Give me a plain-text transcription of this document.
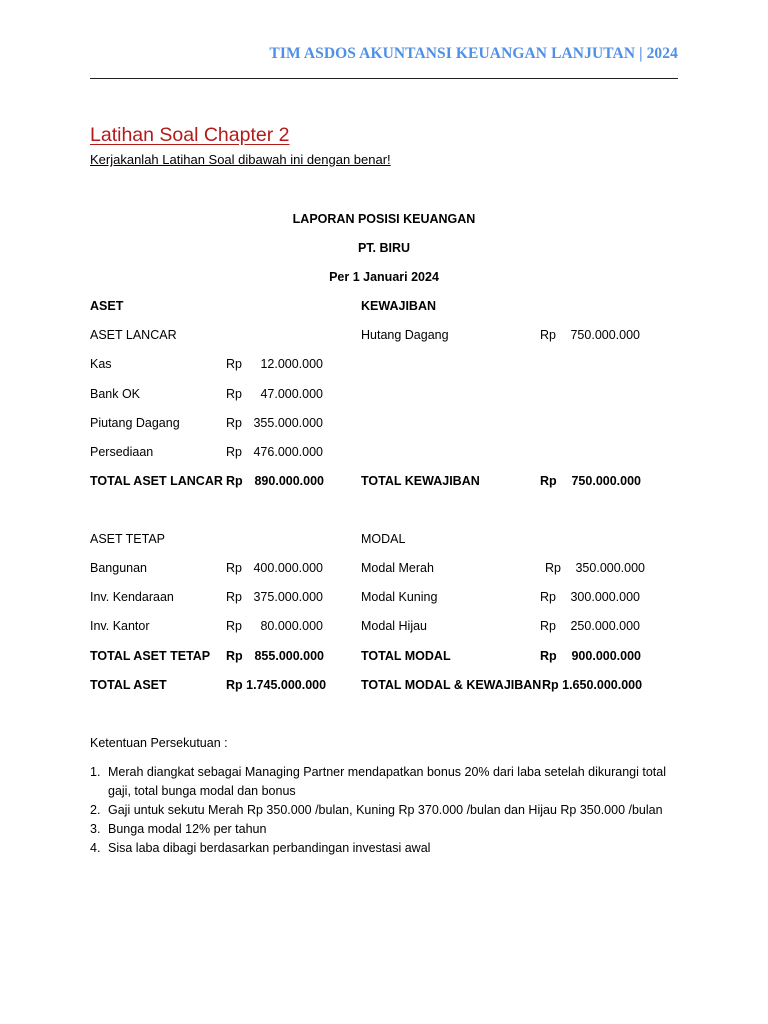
TIM ASDOS AKUNTANSI KEUANGAN LANJUTAN | 2024
Latihan Soal Chapter 2
Kerjakanlah Latihan Soal dibawah ini dengan benar!
LAPORAN POSISI KEUANGAN
PT. BIRU
Per 1 Januari 2024
ASET
ASET LANCAR
Kas	Rp	12.000.000
Bank OK	Rp	47.000.000
Piutang Dagang	Rp 355.000.000
Persediaan	Rp 476.000.000
TOTAL ASET LANCAR Rp 890.000.000
ASET TETAP
Bangunan	Rp 400.000.000
Inv. Kendaraan	Rp 375.000.000
Inv. Kantor	Rp	80.000.000
TOTAL ASET TETAP Rp 855.000.000
TOTAL ASET	Rp 1.745.000.000
KEWAJIBAN
Hutang Dagang	Rp	750.000.000
TOTAL KEWAJIBAN	Rp	750.000.000
MODAL
Modal Merah	Rp	350.000.000
Modal Kuning	Rp	300.000.000
Modal Hijau	Rp	250.000.000
TOTAL MODAL	Rp	900.000.000
TOTAL MODAL & KEWAJIBAN Rp 1.650.000.000
Ketentuan Persekutuan :
1. Merah diangkat sebagai Managing Partner mendapatkan bonus 20% dari laba setelah dikurangi total gaji, total bunga modal dan bonus
2. Gaji untuk sekutu Merah Rp 350.000 /bulan, Kuning Rp 370.000 /bulan dan Hijau Rp 350.000 /bulan
3. Bunga modal 12% per tahun
4. Sisa laba dibagi berdasarkan perbandingan investasi awal
